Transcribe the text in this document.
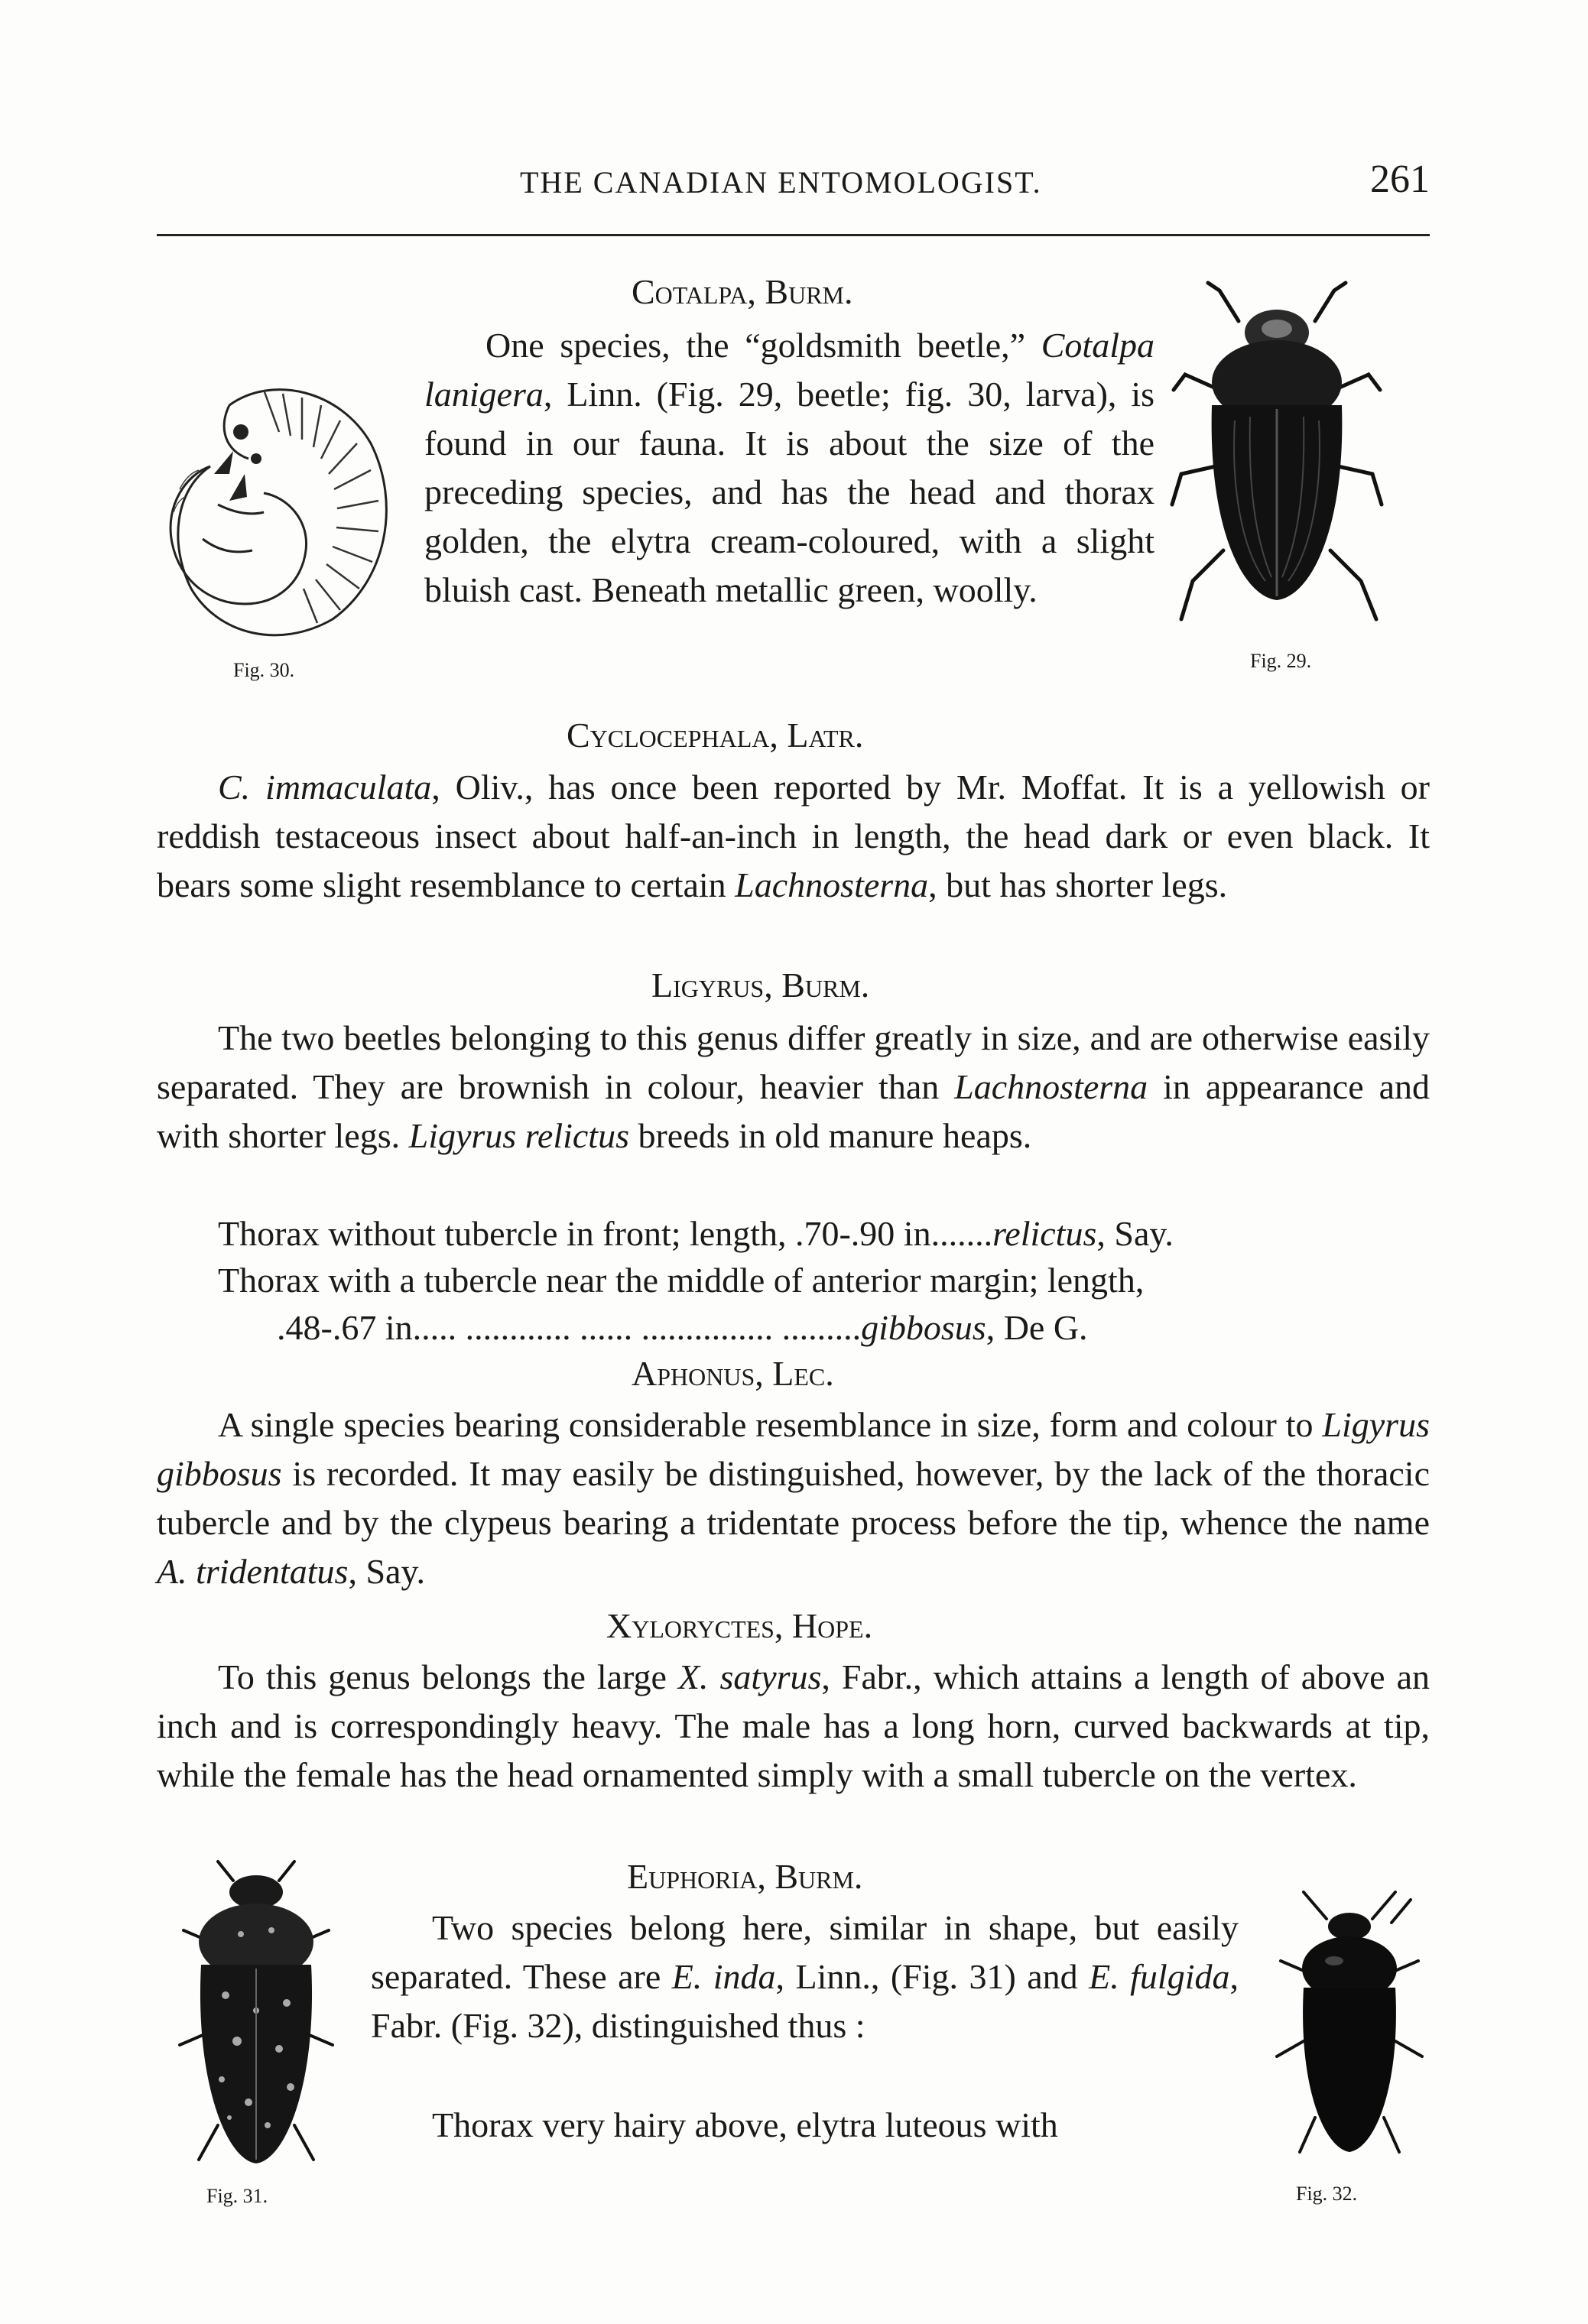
THE CANADIAN ENTOMOLOGIST.	261
Fig. 30.	Fig. 29.
Cotalpa, Burm.

One species, the “goldsmith beetle,” Cotalpa lanigera, Linn. (Fig. 29, beetle; fig. 30, larva), is found in our fauna. It is about the size of the preceding species, and has the head and thorax golden, the elytra cream-coloured, with a slight bluish cast. Beneath metallic green, woolly.

Cyclocephala, Latr.

C. immaculata, Oliv., has once been reported by Mr. Moffat. It is a yellowish or reddish testaceous insect about half-an-inch in length, the head dark or even black. It bears some slight resemblance to certain Lachnosterna, but has shorter legs.

Ligyrus, Burm.

The two beetles belonging to this genus differ greatly in size, and are otherwise easily separated. They are brownish in colour, heavier than Lachnosterna in appearance and with shorter legs. Ligyrus relictus breeds in old manure heaps.

Thorax without tubercle in front; length, .70-.90 in.......relictus, Say.
Thorax with a tubercle near the middle of anterior margin; length,
.48-.67 in..... ............ ...... ............... .........gibbosus, De G.
Aphonus, Lec.

A single species bearing considerable resemblance in size, form and colour to Ligyrus gibbosus is recorded. It may easily be distinguished, however, by the lack of the thoracic tubercle and by the clypeus bearing a tridentate process before the tip, whence the name A. tridentatus, Say.

Xyloryctes, Hope.

To this genus belongs the large X. satyrus, Fabr., which attains a length of above an inch and is correspondingly heavy. The male has a long horn, curved backwards at tip, while the female has the head ornamented simply with a small tubercle on the vertex.

Fig. 31.	Fig. 32.
Euphoria, Burm.

Two species belong here, similar in shape, but easily separated. These are E. inda, Linn., (Fig. 31) and E. fulgida, Fabr. (Fig. 32), distinguished thus :

Thorax very hairy above, elytra luteous with
